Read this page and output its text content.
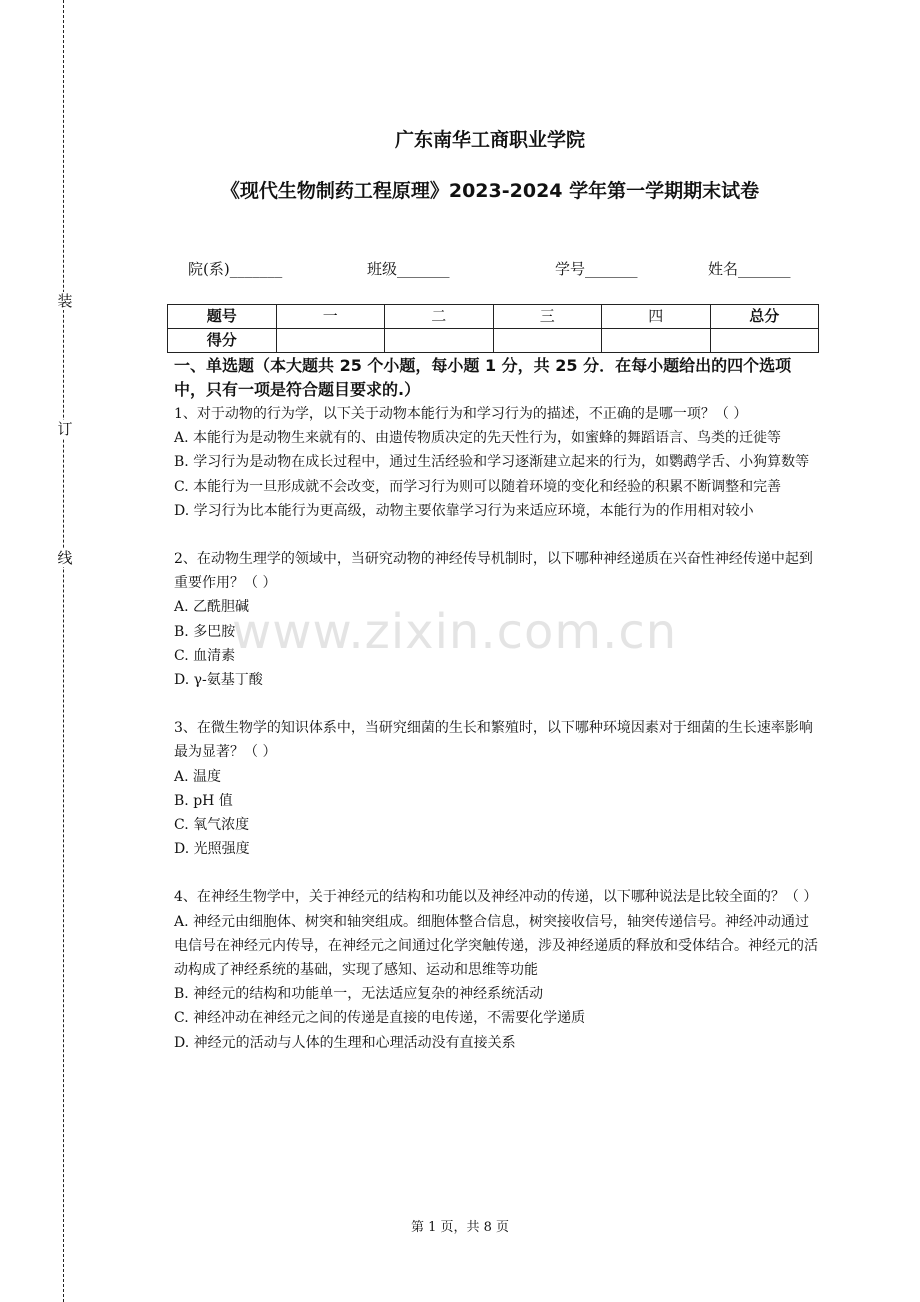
装
订
线
广东南华工商职业学院
《现代生物制药工程原理》2023-2024 学年第一学期期末试卷
院(系)_______	班级_______	学号_______	姓名_______
题号	一	二	三	四	总分
得分					

一、单选题（本大题共 25 个小题，每小题 1 分，共 25 分．在每小题给出的四个选项中，只有一项是符合题目要求的.）

1、对于动物的行为学，以下关于动物本能行为和学习行为的描述，不正确的是哪一项？（ ）

A. 本能行为是动物生来就有的、由遗传物质决定的先天性行为，如蜜蜂的舞蹈语言、鸟类的迁徙等

B. 学习行为是动物在成长过程中，通过生活经验和学习逐渐建立起来的行为，如鹦鹉学舌、小狗算数等

C. 本能行为一旦形成就不会改变，而学习行为则可以随着环境的变化和经验的积累不断调整和完善

D. 学习行为比本能行为更高级，动物主要依靠学习行为来适应环境，本能行为的作用相对较小

2、在动物生理学的领域中，当研究动物的神经传导机制时，以下哪种神经递质在兴奋性神经传递中起到重要作用？（ ）

A. 乙酰胆碱

B. 多巴胺

C. 血清素

D. γ-氨基丁酸

3、在微生物学的知识体系中，当研究细菌的生长和繁殖时，以下哪种环境因素对于细菌的生长速率影响最为显著？（ ）

A. 温度

B. pH 值

C. 氧气浓度

D. 光照强度

4、在神经生物学中，关于神经元的结构和功能以及神经冲动的传递，以下哪种说法是比较全面的？（ ）

A. 神经元由细胞体、树突和轴突组成。细胞体整合信息，树突接收信号，轴突传递信号。神经冲动通过电信号在神经元内传导，在神经元之间通过化学突触传递，涉及神经递质的释放和受体结合。神经元的活动构成了神经系统的基础，实现了感知、运动和思维等功能

B. 神经元的结构和功能单一，无法适应复杂的神经系统活动

C. 神经冲动在神经元之间的传递是直接的电传递，不需要化学递质

D. 神经元的活动与人体的生理和心理活动没有直接关系

www.zixin.com.cn
第 1 页，共 8 页
